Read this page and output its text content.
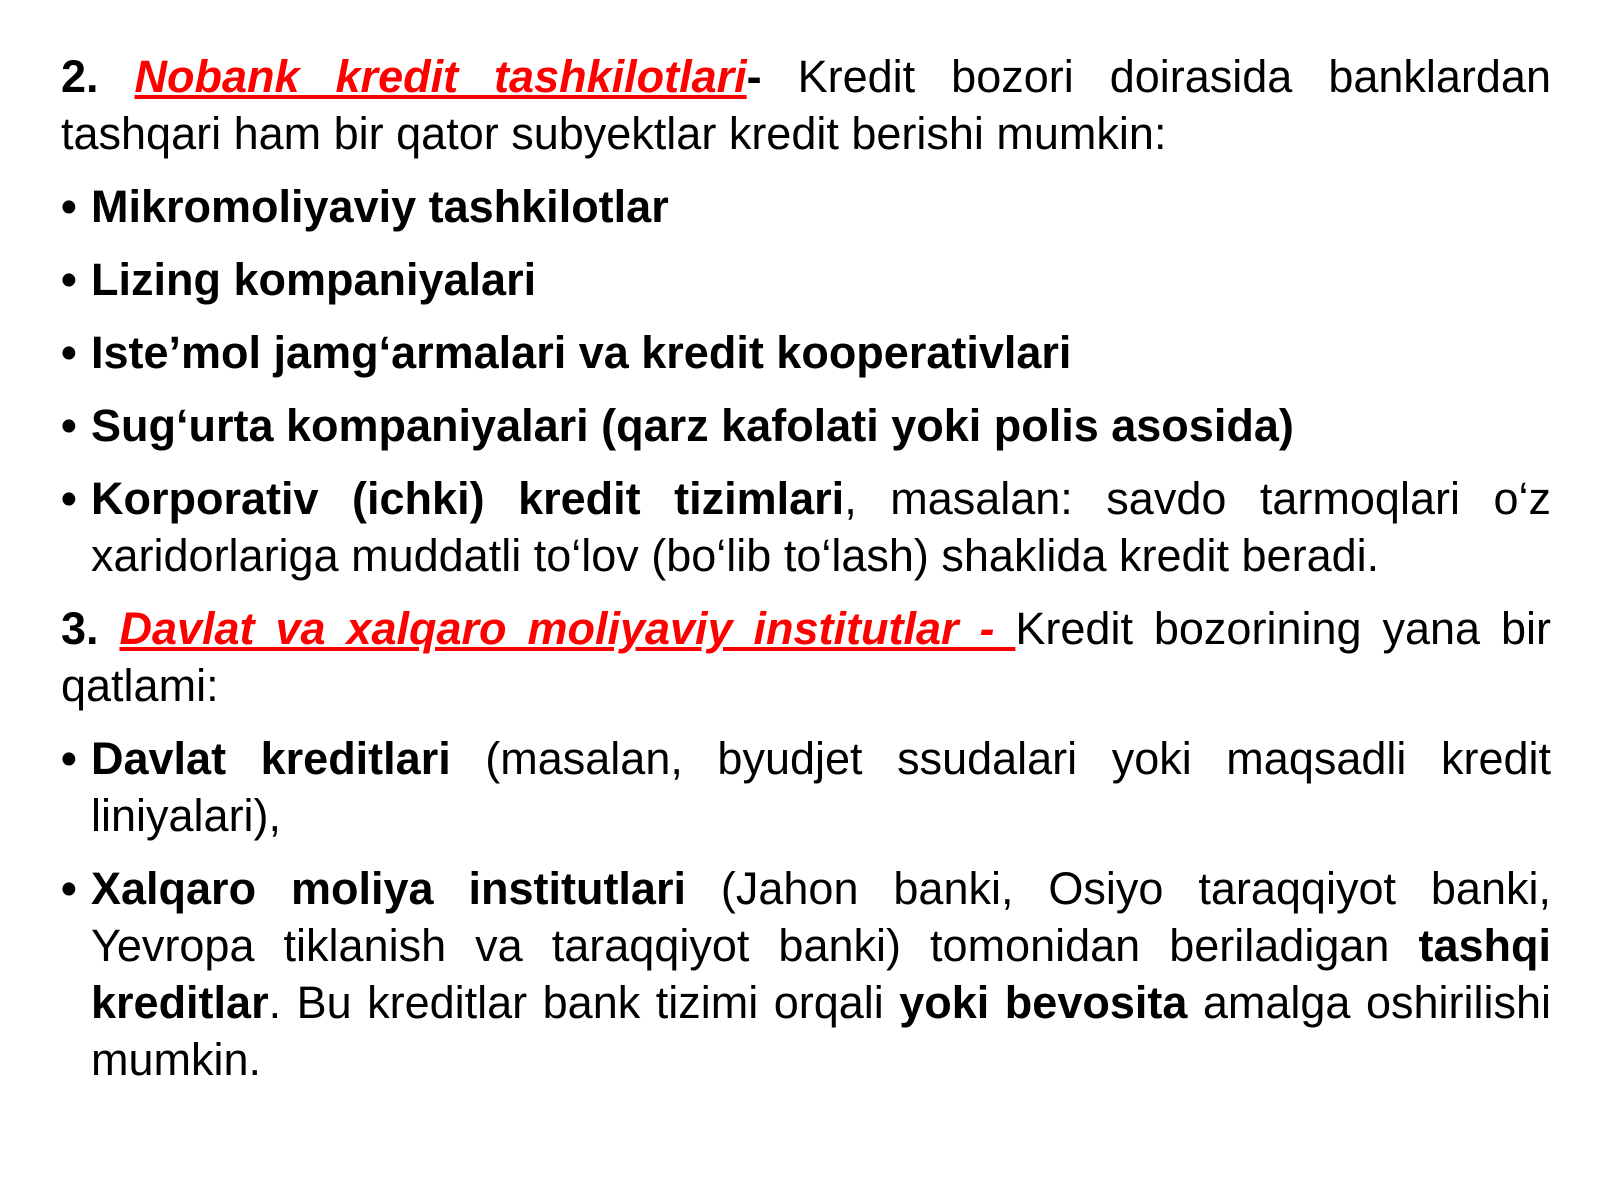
2. Nobank kredit tashkilotlari- Kredit bozori doirasida banklardan tashqari ham bir qator subyektlar kredit berishi mumkin:

• Mikromoliyaviy tashkilotlar
• Lizing kompaniyalari
• Iste’mol jamg‘armalari va kredit kooperativlari
• Sug‘urta kompaniyalari (qarz kafolati yoki polis asosida)
• Korporativ (ichki) kredit tizimlari, masalan: savdo tarmoqlari o‘z xaridorlariga muddatli to‘lov (bo‘lib to‘lash) shaklida kredit beradi.

3. Davlat va xalqaro moliyaviy institutlar - Kredit bozorining yana bir qatlami:

• Davlat kreditlari (masalan, byudjet ssudalari yoki maqsadli kredit liniyalari),
• Xalqaro moliya institutlari (Jahon banki, Osiyo taraqqiyot banki, Yevropa tiklanish va taraqqiyot banki) tomonidan beriladigan tashqi kreditlar. Bu kreditlar bank tizimi orqali yoki bevosita amalga oshirilishi mumkin.
